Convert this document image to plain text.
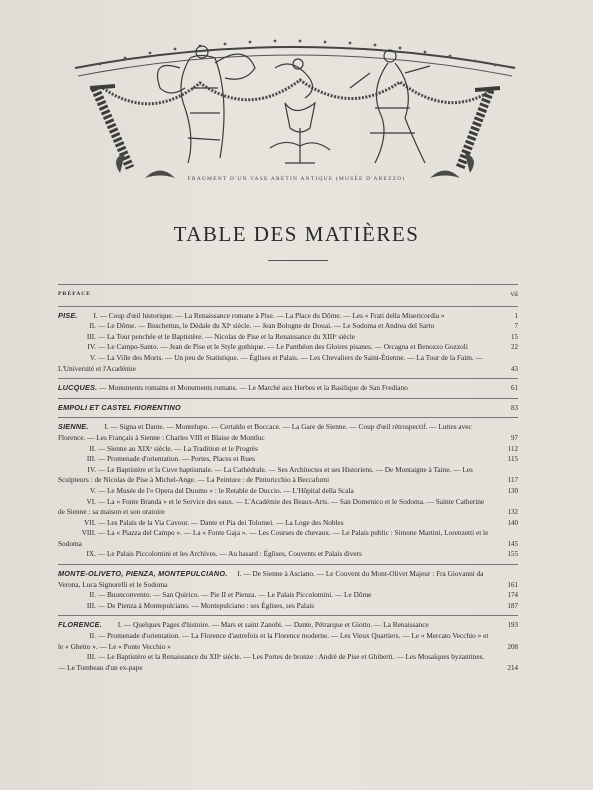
FRAGMENT D'UN VASE ARÉTIN ANTIQUE (MUSÉE D'AREZZO)
TABLE DES MATIÈRES
PRÉFACE	vii
PISE. I. — Coup d'œil historique. — La Renaissance romane à Pise. — La Place du Dôme. — Les « Frati della Misericordia »	1
II. — Le Dôme. — Buschettus, le Dédale du XIᵉ siècle. — Jean Bologne de Douai. — Le Sodoma et Andrea del Sarto	7
III. — La Tour penchée et le Baptistère. — Nicolas de Pise et la Renaissance du XIIIᵉ siècle	15
IV. — Le Campo-Santo. — Jean de Pise et le Style gothique. — Le Panthéon des Gloires pisanes. — Orcagna et Benozzo Gozzoli	22
V. — La Ville des Morts. — Un peu de Statistique. — Églises et Palais. — Les Chevaliers de Saint-Étienne. — La Tour de la Faim. — L'Université et l'Académie	43
LUCQUES. — Monuments romains et Monuments romans. — Le Marché aux Herbes et la Basilique de San Frediano	61
EMPOLI ET CASTEL FIORENTINO	83
SIENNE. I. — Signa et Dante. — Montelupo. — Certaldo et Boccace. — La Gare de Sienne. — Coup d'œil rétrospectif. — Luttes avec Florence. — Les Français à Sienne : Charles VIII et Blaise de Montluc	97
II. — Sienne au XIXᵉ siècle. — La Tradition et le Progrès	112
III. — Promenade d'orientation. — Portes, Places et Rues	115
IV. — Le Baptistère et la Cuve baptismale. — La Cathédrale. — Ses Architectes et ses Historiens. — De Montaigne à Taine. — Les Sculpteurs : de Nicolas de Pise à Michel-Ange. — La Peinture : de Pinturicchio à Beccafumi	117
V. — Le Musée de l'« Opera del Duomo » : le Retable de Duccio. — L'Hôpital della Scala	130
VI. — La « Fonte Branda » et le Service des eaux. — L'Académie des Beaux-Arts. — San Domenico et le Sodoma. — Sainte Catherine de Sienne : sa maison et son oratoire	132
VII. — Les Palais de la Via Cavour. — Dante et Pia dei Tolomei. — La Loge des Nobles	140
VIII. — La « Piazza del Campo ». — La « Fonte Gaja ». — Les Courses de chevaux. — Le Palais public : Simone Martini, Lorenzetti et le Sodoma	145
IX. — Le Palais Piccolomini et les Archives. — Au hasard : Églises, Couvents et Palais divers	155
MONTE-OLIVETO, PIENZA, MONTEPULCIANO. I. — De Sienne à Asciano. — Le Couvent du Mont-Olivet Majeur : Fra Giovanni da Verona, Luca Signorelli et le Sodoma	161
II. — Buonconvento. — San Quirico. — Pie II et Pienza. — Le Palais Piccolomini. — Le Dôme	174
III. — De Pienza à Montepulciano. — Montepulciano : ses Églises, ses Palais	187
FLORENCE. I. — Quelques Pages d'histoire. — Mars et saint Zanobi. — Dante, Pétrarque et Giotto. — La Renaissance	193
II. — Promenade d'orientation. — La Florence d'autrefois et la Florence moderne. — Les Vieux Quartiers. — Le « Mercato Vecchio » et le « Ghetto ». — Le « Ponte Vecchio »	208
III. — Le Baptistère et la Renaissance du XIIᵉ siècle. — Les Portes de bronze : André de Pise et Ghiberti. — Les Mosaïques byzantines. — Le Tombeau d'un ex-pape	214
